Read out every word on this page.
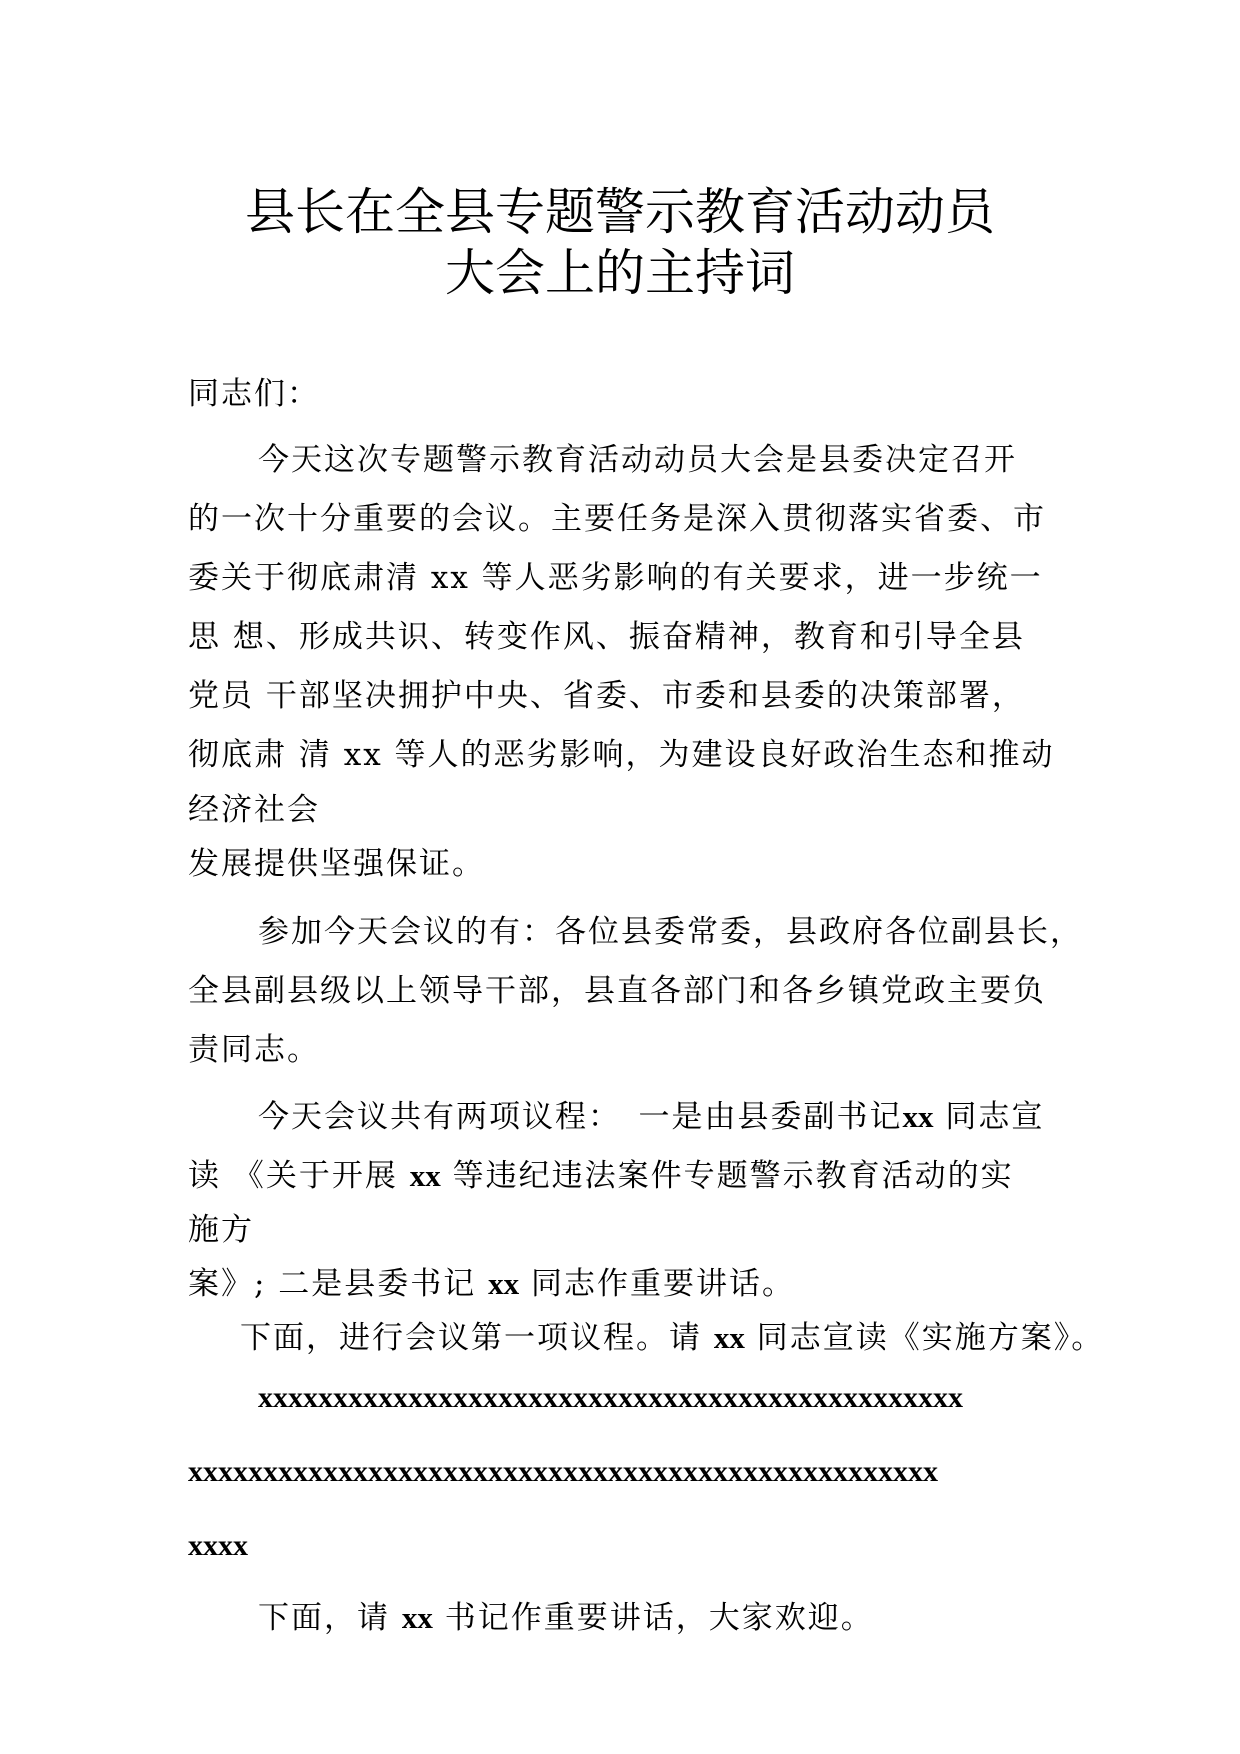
县长在全县专题警示教育活动动员
大会上的主持词
同志们：
今天这次专题警示教育活动动员大会是县委决定召开
的一次十分重要的会议。主要任务是深入贯彻落实省委、市
委关于彻底肃清 xx 等人恶劣影响的有关要求，进一步统一
思 想、形成共识、转变作风、振奋精神，教育和引导全县
党员 干部坚决拥护中央、省委、市委和县委的决策部署，
彻底肃 清 xx 等人的恶劣影响，为建设良好政治生态和推动
经济社会
发展提供坚强保证。
参加今天会议的有：各位县委常委，县政府各位副县长，
全县副县级以上领导干部，县直各部门和各乡镇党政主要负
责同志。
今天会议共有两项议程：　一是由县委副书记xx 同志宣
读 《关于开展 xx 等违纪违法案件专题警示教育活动的实
施方
案》; 二是县委书记 xx 同志作重要讲话。
下面，进行会议第一项议程。请 xx 同志宣读《实施方案》。
xxxxxxxxxxxxxxxxxxxxxxxxxxxxxxxxxxxxxxxxxxxxxxx
xxxxxxxxxxxxxxxxxxxxxxxxxxxxxxxxxxxxxxxxxxxxxxxxxx
xxxx
下面，请 xx 书记作重要讲话，大家欢迎。
